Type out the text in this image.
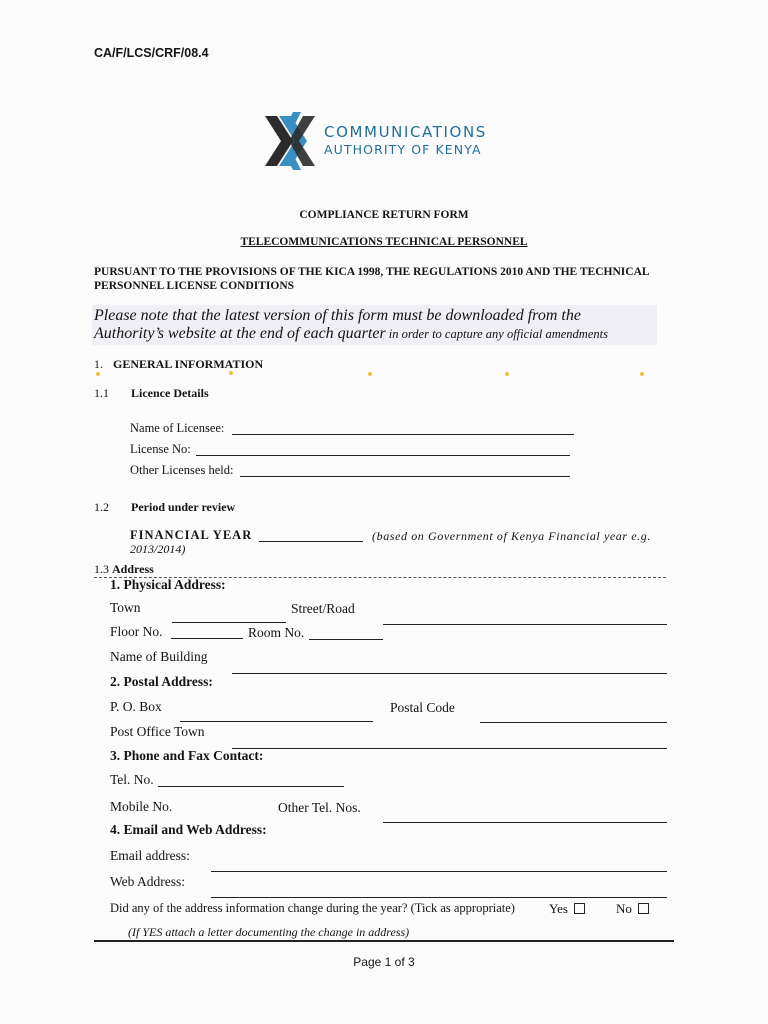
CA/F/LCS/CRF/08.4
COMMUNICATIONS
AUTHORITY OF KENYA
COMPLIANCE RETURN FORM
TELECOMMUNICATIONS TECHNICAL PERSONNEL
PURSUANT TO THE PROVISIONS OF THE KICA 1998, THE REGULATIONS 2010 AND THE TECHNICAL PERSONNEL LICENSE CONDITIONS
Please note that the latest version of this form must be downloaded from the
Authority’s website at the end of each quarter in order to capture any official amendments
1. GENERAL INFORMATION
1.1 Licence Details
Name of Licensee:
License No:
Other Licenses held:
1.2 Period under review
FINANCIAL YEAR	(based on Government of Kenya Financial year e.g.
2013/2014)
1.3 Address
1. Physical Address:
Town	Street/Road
Floor No.	Room No.
Name of Building
2. Postal Address:
P. O. Box	Postal Code
Post Office Town
3. Phone and Fax Contact:
Tel. No.
Mobile No.	Other Tel. Nos.
4. Email and Web Address:
Email address:
Web Address:
Did any of the address information change during the year? (Tick as appropriate)	Yes	No
(If YES attach a letter documenting the change in address)
Page 1 of 3
